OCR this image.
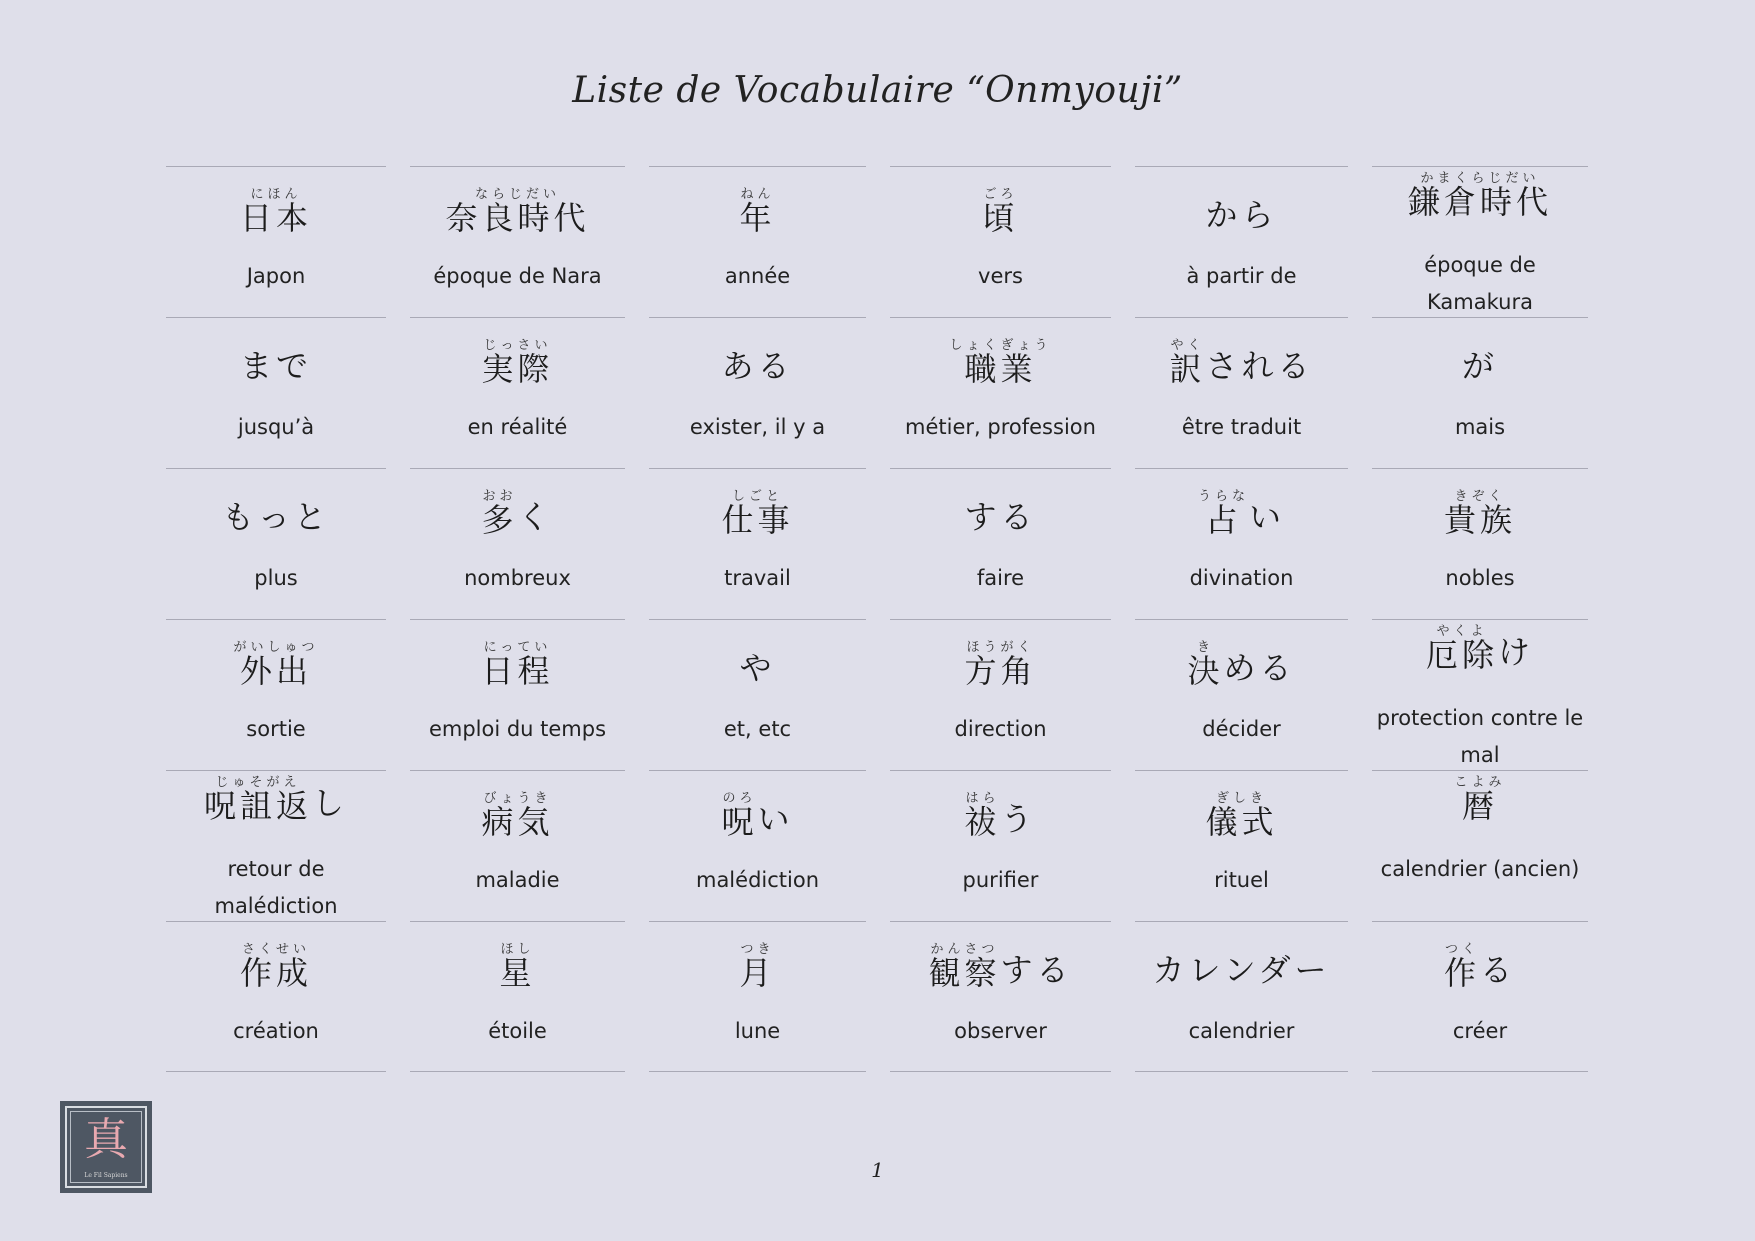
Liste de Vocabulaire “Onmyouji”
日本にほん
Japon
奈良時代ならじだい
époque de Nara
年ねん
année
頃ごろ
vers
から
à partir de
鎌倉時代かまくらじだい
époque de Kamakura
まで
jusqu’à
実際じっさい
en réalité
ある
exister, il y a
職業しょくぎょう
métier, profession
訳やく
される
être traduit
が
mais
もっと
plus
多おお
く
nombreux
仕事しごと
travail
する
faire
占うらな
い
divination
貴族きぞく
nobles
外出がいしゅつ
sortie
日程にってい
emploi du temps
や
et, etc
方角ほうがく
direction
決き
める
décider
厄除やくよ
け
protection contre le mal
呪詛返じゅそがえ
し
retour de malédiction
病気びょうき
maladie
呪のろ
い
malédiction
祓はら
う
purifier
儀式ぎしき
rituel
暦こよみ
calendrier (ancien)
作成さくせい
création
星ほし
étoile
月つき
lune
観察かんさつ
する
observer
カレンダー
calendrier
作つく
る
créer
真
Le Fil Sapiens	1
